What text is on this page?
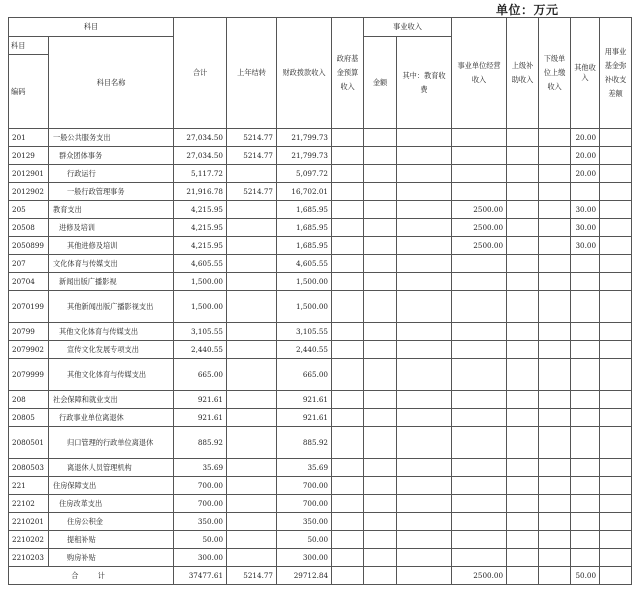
单位：万元
科目		合计	上年结转	财政拨款收入	政府基金预算收入	事业收入		事业单位经营收入	上级补助收入	下级单位上缴收入	其他收入	用事业基金弥补收支差额
科目	科目名称					金额	其中：教育收费					
编码												
201	一般公共服务支出	27,034.50	5214.77	21,799.73							20.00	
20129	群众团体事务	27,034.50	5214.77	21,799.73							20.00	
2012901	行政运行	5,117.72		5,097.72							20.00	
2012902	一般行政管理事务	21,916.78	5214.77	16,702.01								
205	教育支出	4,215.95		1,685.95				2500.00			30.00	
20508	进修及培训	4,215.95		1,685.95				2500.00			30.00	
2050899	其他进修及培训	4,215.95		1,685.95				2500.00			30.00	
207	文化体育与传媒支出	4,605.55		4,605.55								
20704	新闻出版广播影视	1,500.00		1,500.00								
2070199	其他新闻出版广播影视支出	1,500.00		1,500.00								
20799	其他文化体育与传媒支出	3,105.55		3,105.55								
2079902	宣传文化发展专项支出	2,440.55		2,440.55								
2079999	其他文化体育与传媒支出	665.00		665.00								
208	社会保障和就业支出	921.61		921.61								
20805	行政事业单位离退休	921.61		921.61								
2080501	归口管理的行政单位离退休	885.92		885.92								
2080503	离退休人员管理机构	35.69		35.69								
221	住房保障支出	700.00		700.00								
22102	住房改革支出	700.00		700.00								
2210201	住房公积金	350.00		350.00								
2210202	提租补贴	50.00		50.00								
2210203	购房补贴	300.00		300.00								
合　计		37477.61	5214.77	29712.84				2500.00			50.00	
